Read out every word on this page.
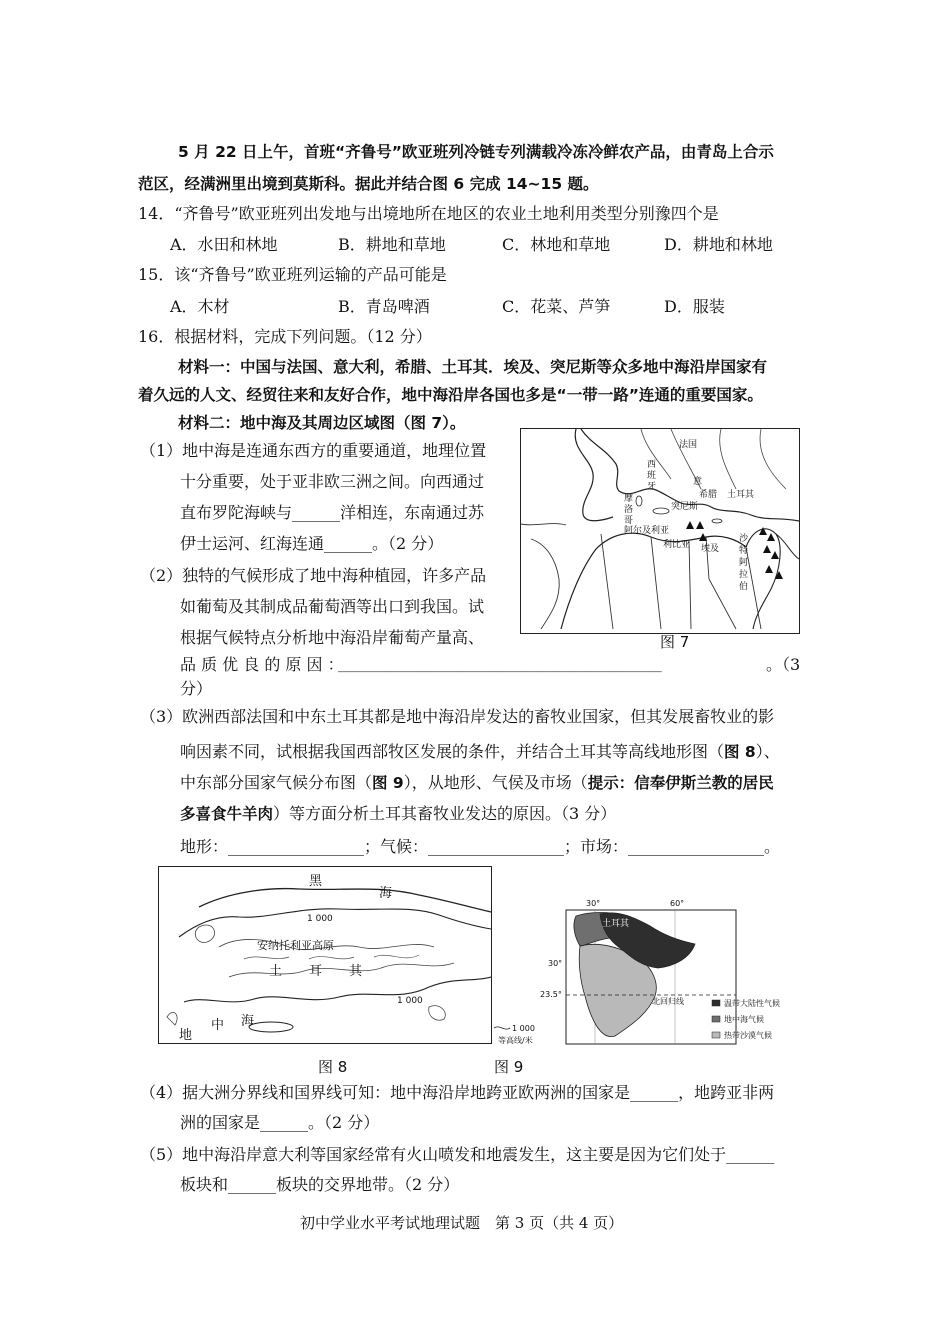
5 月 22 日上午，首班“齐鲁号”欧亚班列冷链专列满载冷冻冷鲜农产品，由青岛上合示
范区，经满洲里出境到莫斯科。据此并结合图 6 完成 14~15 题。
14．“齐鲁号”欧亚班列出发地与出境地所在地区的农业土地利用类型分别豫四个是
A．水田和林地	B．耕地和草地	C．林地和草地	D．耕地和林地
15．该“齐鲁号”欧亚班列运输的产品可能是
A．木材	B．青岛啤酒	C．花菜、芦笋	D．服装
16．根据材料，完成下列问题。（12 分）
材料一：中国与法国、意大利，希腊、土耳其．埃及、突尼斯等众多地中海沿岸国家有
着久远的人文、经贸往来和友好合作，地中海沿岸各国也多是“一带一路”连通的重要国家。
材料二：地中海及其周边区域图（图 7）。
（1）地中海是连通东西方的重要通道，地理位置
十分重要，处于亚非欧三洲之间。向西通过
直布罗陀海峡与______洋相连，东南通过苏
伊士运河、红海连通______。（2 分）
（2）独特的气候形成了地中海种植园，许多产品
如葡萄及其制成品葡萄酒等出口到我国。试
根据气候特点分析地中海沿岸葡萄产量高、
品 质 优 良 的 原 因 ：
_________________________________________________	。（3
分）
法国
西
班
牙	意
希腊 土耳其
突尼斯
摩
洛
哥
阿尔及利亚
利比亚 埃及
沙
特
阿
拉
伯
图 7
（3）欧洲西部法国和中东土耳其都是地中海沿岸发达的畜牧业国家，但其发展畜牧业的影
响因素不同，试根据我国西部牧区发展的条件，并结合土耳其等高线地形图（图 8）、
中东部分国家气候分布图（图 9），从地形、气侯及市场（提示：信奉伊斯兰教的居民
多喜食牛羊肉）等方面分析土耳其畜牧业发达的原因。（3 分）
地形：_________________；气候：_________________；市场：_________________。
黑
海
安纳托利亚高原
土 耳 其
地
中 海
1 000
1 000
1 000
等高线/米
30°	60°
30°
23.5°
土耳其
北回归线	温带大陆性气候
地中海气候
热带沙漠气候
图 8	图 9
（4）据大洲分界线和国界线可知：地中海沿岸地跨亚欧两洲的国家是______，地跨亚非两
洲的国家是______。（2 分）
（5）地中海沿岸意大利等国家经常有火山喷发和地震发生，这主要是因为它们处于______
板块和______板块的交界地带。（2 分）
初中学业水平考试地理试题　第 3 页（共 4 页）
